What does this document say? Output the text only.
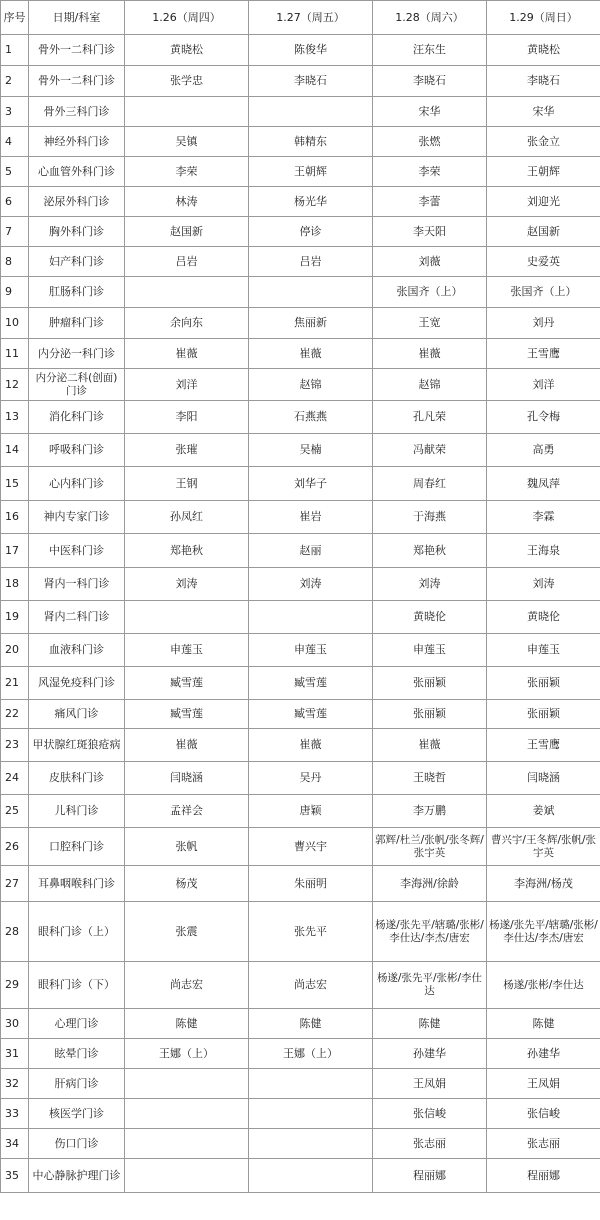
序号	日期/科室	1.26（周四）	1.27（周五）	1.28（周六）	1.29（周日）
1	骨外一二科门诊	黄晓松	陈俊华	汪东生	黄晓松
2	骨外一二科门诊	张学忠	李晓石	李晓石	李晓石
3	骨外三科门诊			宋华	宋华
4	神经外科门诊	吴镇	韩精东	张燃	张金立
5	心血管外科门诊	李荣	王朝辉	李荣	王朝辉
6	泌尿外科门诊	林涛	杨光华	李蕾	刘迎光
7	胸外科门诊	赵国新	停诊	李天阳	赵国新
8	妇产科门诊	吕岩	吕岩	刘薇	史爱英
9	肛肠科门诊			张国齐（上）	张国齐（上）
10	肿瘤科门诊	余向东	焦丽新	王宽	刘丹
11	内分泌一科门诊	崔薇	崔薇	崔薇	王雪鹰
12	内分泌二科(创面)门诊	刘洋	赵锦	赵锦	刘洋
13	消化科门诊	李阳	石燕燕	孔凡荣	孔令梅
14	呼吸科门诊	张璀	吴楠	冯献荣	高勇
15	心内科门诊	王钢	刘华子	周春红	魏凤萍
16	神内专家门诊	孙凤红	崔岩	于海燕	李霖
17	中医科门诊	郑艳秋	赵丽	郑艳秋	王海泉
18	肾内一科门诊	刘涛	刘涛	刘涛	刘涛
19	肾内二科门诊			黄晓伦	黄晓伦
20	血液科门诊	申莲玉	申莲玉	申莲玉	申莲玉
21	风湿免疫科门诊	臧雪莲	臧雪莲	张丽颖	张丽颖
22	痛风门诊	臧雪莲	臧雪莲	张丽颖	张丽颖
23	甲状腺红斑狼疮病	崔薇	崔薇	崔薇	王雪鹰
24	皮肤科门诊	闫晓涵	吴丹	王晓哲	闫晓涵
25	儿科门诊	孟祥会	唐颖	李万鹏	姜斌
26	口腔科门诊	张帆	曹兴宇	郭辉/杜兰/张帆/张冬辉/张宇英	曹兴宇/王冬辉/张帆/张宇英
27	耳鼻咽喉科门诊	杨茂	朱丽明	李海洲/徐龄	李海洲/杨茂
28	眼科门诊（上）	张震	张先平	杨遂/张先平/辖璐/张彬/李仕达/李杰/唐宏	杨遂/张先平/辖璐/张彬/李仕达/李杰/唐宏
29	眼科门诊（下）	尚志宏	尚志宏	杨遂/张先平/张彬/李仕达	杨遂/张彬/李仕达
30	心理门诊	陈健	陈健	陈健	陈健
31	眩晕门诊	王娜（上）	王娜（上）	孙建华	孙建华
32	肝病门诊			王凤娟	王凤娟
33	核医学门诊			张信峻	张信峻
34	伤口门诊			张志丽	张志丽
35	中心静脉护理门诊			程丽娜	程丽娜
